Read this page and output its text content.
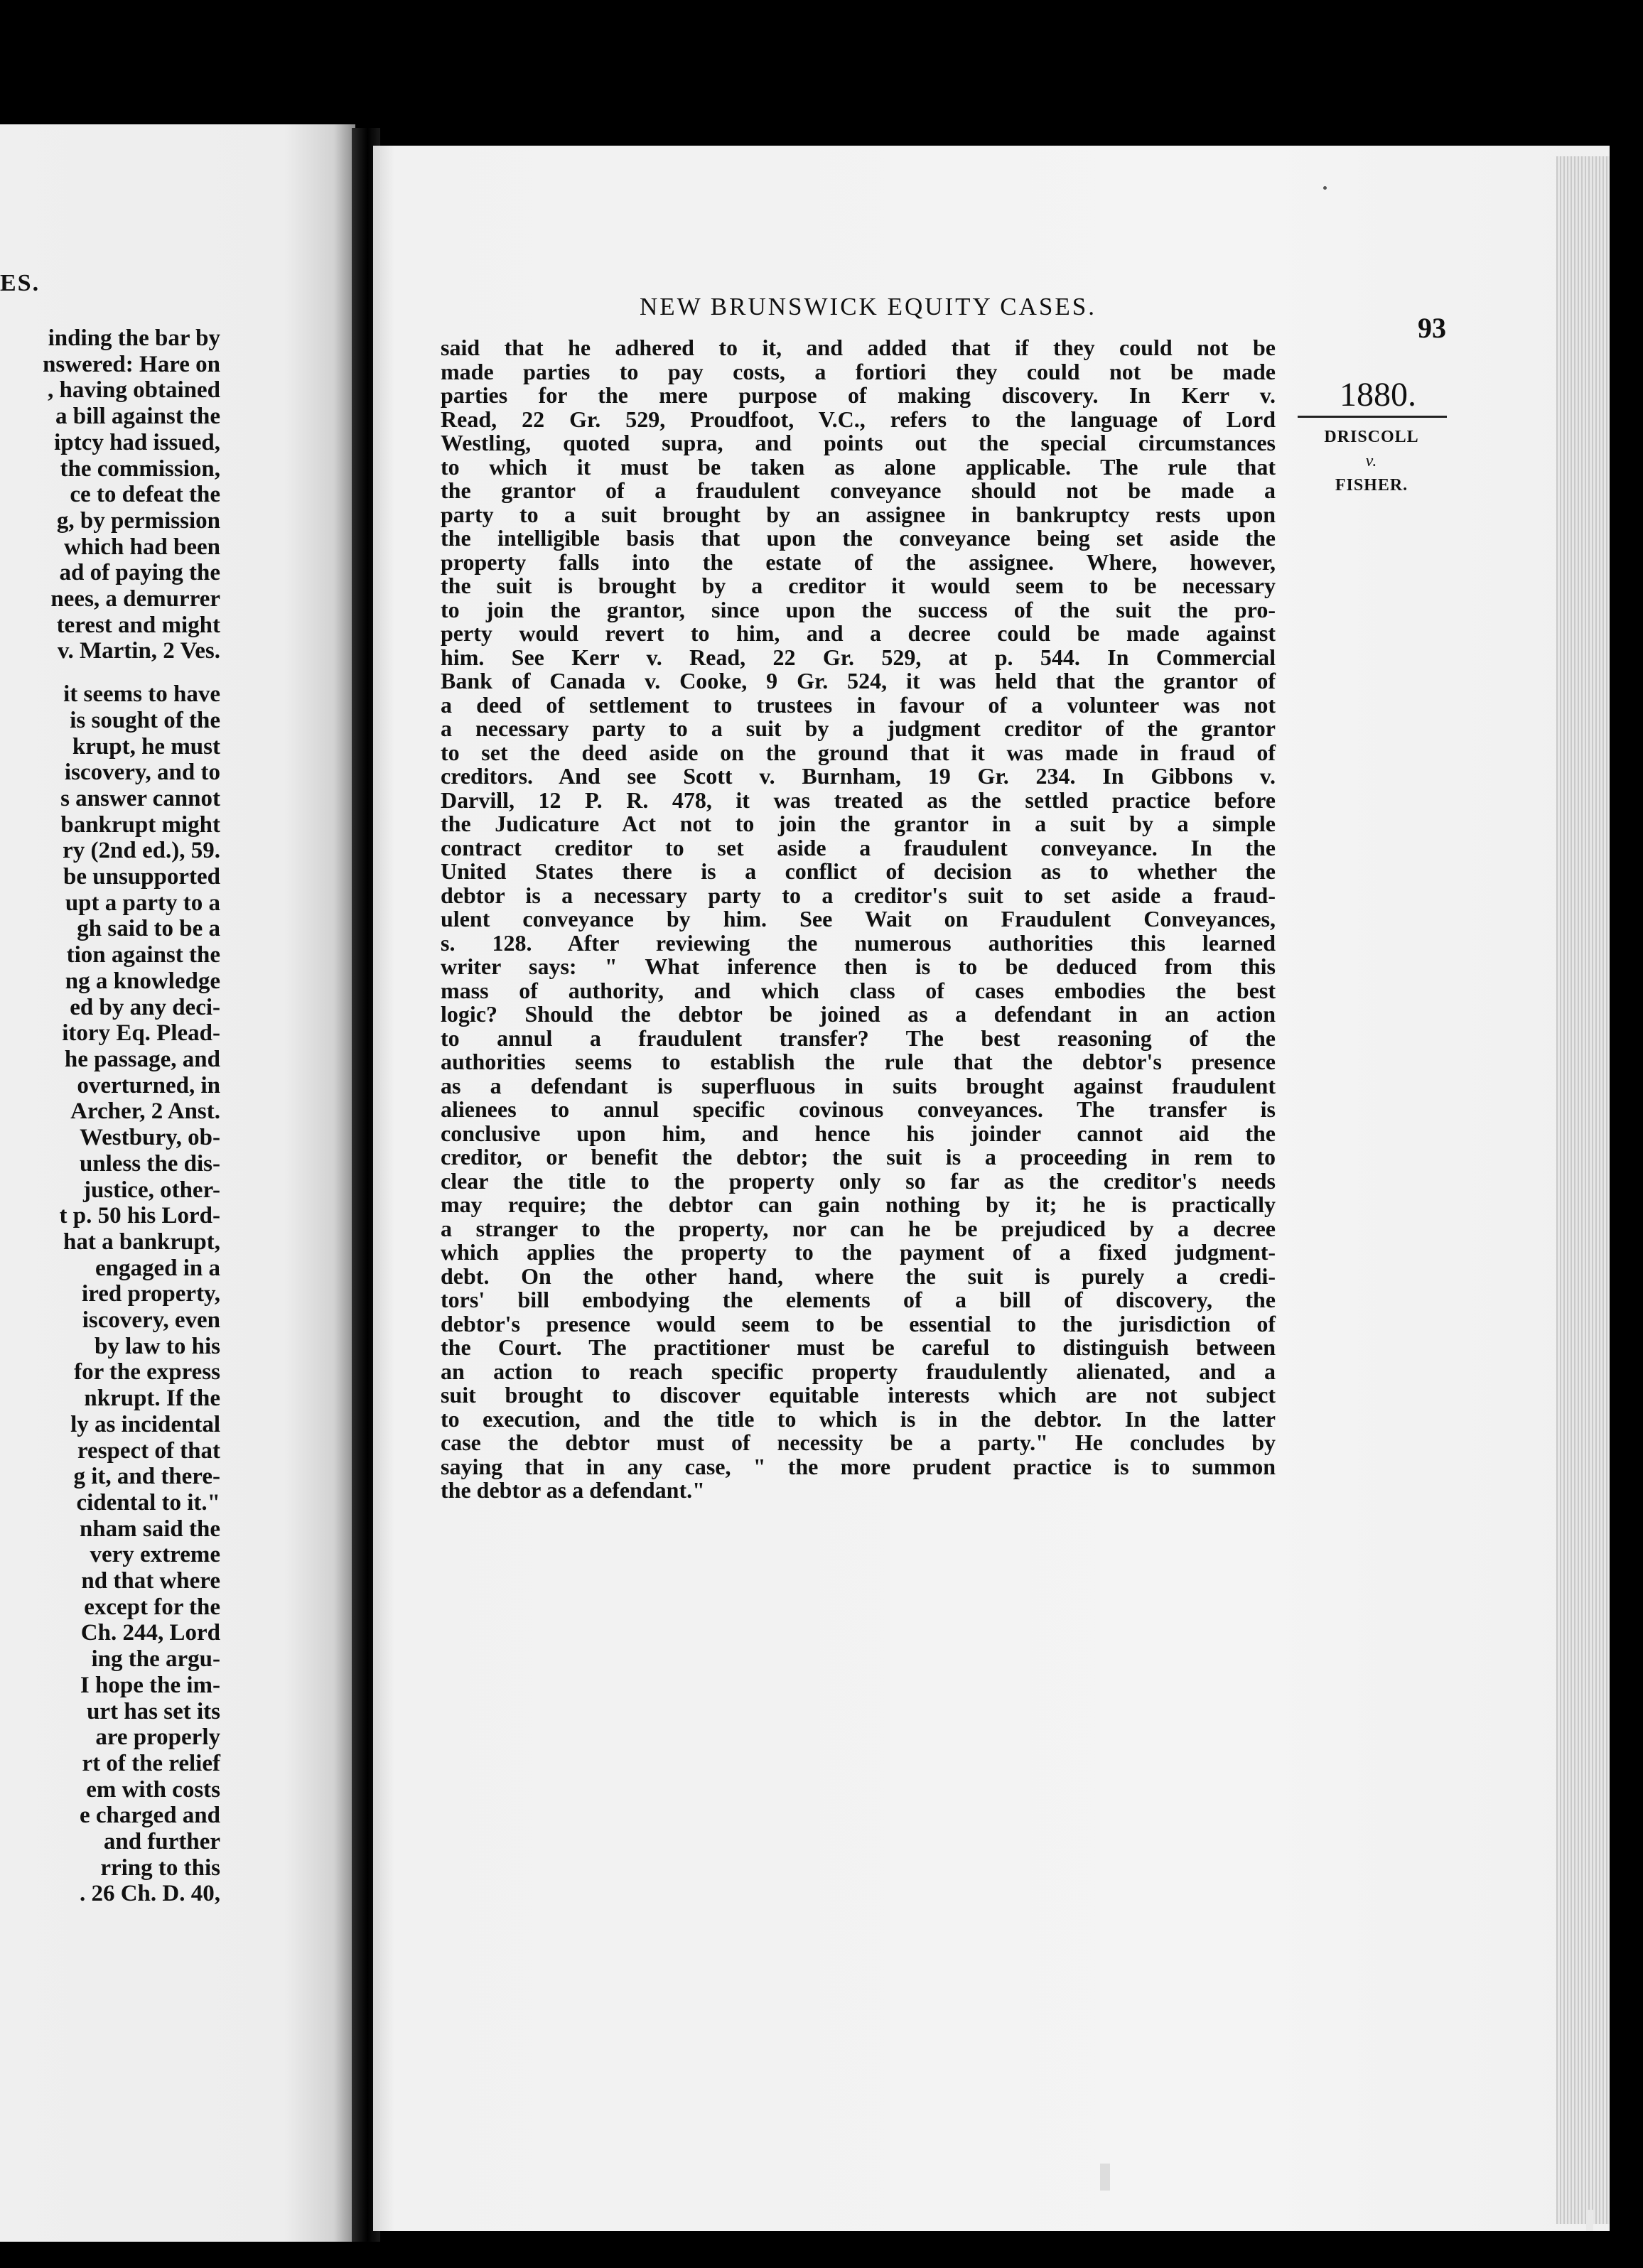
ES.
inding the bar by
nswered: Hare on
, having obtained
a bill against the
iptcy had issued,
the commission,
ce to defeat the
g, by permission
which had been
ad of paying the
nees, a demurrer
terest and might
v. Martin, 2 Ves.
it seems to have
is sought of the
krupt, he must
iscovery, and to
s answer cannot
bankrupt might
ry (2nd ed.), 59.
be unsupported
upt a party to a
gh said to be a
tion against the
ng a knowledge
ed by any deci-
itory Eq. Plead-
he passage, and
overturned, in
Archer, 2 Anst.
Westbury, ob-
unless the dis-
justice, other-
t p. 50 his Lord-
hat a bankrupt,
engaged in a
ired property,
iscovery, even
by law to his
for the express
nkrupt. If the
ly as incidental
respect of that
g it, and there-
cidental to it."
nham said the
very extreme
nd that where
except for the
Ch. 244, Lord
ing the argu-
I hope the im-
urt has set its
are properly
rt of the relief
em with costs
e charged and
and further
rring to this
. 26 Ch. D. 40,
NEW BRUNSWICK EQUITY CASES.
93
1880.
DRISCOLL
v.
FISHER.
said that he adhered to it, and added that if they could not be
made parties to pay costs, a fortiori they could not be made
parties for the mere purpose of making discovery. In Kerr v.
Read, 22 Gr. 529, Proudfoot, V.C., refers to the language of Lord
Westling, quoted supra, and points out the special circumstances
to which it must be taken as alone applicable. The rule that
the grantor of a fraudulent conveyance should not be made a
party to a suit brought by an assignee in bankruptcy rests upon
the intelligible basis that upon the conveyance being set aside the
property falls into the estate of the assignee. Where, however,
the suit is brought by a creditor it would seem to be necessary
to join the grantor, since upon the success of the suit the pro-
perty would revert to him, and a decree could be made against
him. See Kerr v. Read, 22 Gr. 529, at p. 544. In Commercial
Bank of Canada v. Cooke, 9 Gr. 524, it was held that the grantor of
a deed of settlement to trustees in favour of a volunteer was not
a necessary party to a suit by a judgment creditor of the grantor
to set the deed aside on the ground that it was made in fraud of
creditors. And see Scott v. Burnham, 19 Gr. 234. In Gibbons v.
Darvill, 12 P. R. 478, it was treated as the settled practice before
the Judicature Act not to join the grantor in a suit by a simple
contract creditor to set aside a fraudulent conveyance. In the
United States there is a conflict of decision as to whether the
debtor is a necessary party to a creditor's suit to set aside a fraud-
ulent conveyance by him. See Wait on Fraudulent Conveyances,
s. 128. After reviewing the numerous authorities this learned
writer says: " What inference then is to be deduced from this
mass of authority, and which class of cases embodies the best
logic? Should the debtor be joined as a defendant in an action
to annul a fraudulent transfer? The best reasoning of the
authorities seems to establish the rule that the debtor's presence
as a defendant is superfluous in suits brought against fraudulent
alienees to annul specific covinous conveyances. The transfer is
conclusive upon him, and hence his joinder cannot aid the
creditor, or benefit the debtor; the suit is a proceeding in rem to
clear the title to the property only so far as the creditor's needs
may require; the debtor can gain nothing by it; he is practically
a stranger to the property, nor can he be prejudiced by a decree
which applies the property to the payment of a fixed judgment-
debt. On the other hand, where the suit is purely a credi-
tors' bill embodying the elements of a bill of discovery, the
debtor's presence would seem to be essential to the jurisdiction of
the Court. The practitioner must be careful to distinguish between
an action to reach specific property fraudulently alienated, and a
suit brought to discover equitable interests which are not subject
to execution, and the title to which is in the debtor. In the latter
case the debtor must of necessity be a party." He concludes by
saying that in any case, " the more prudent practice is to summon
the debtor as a defendant."
